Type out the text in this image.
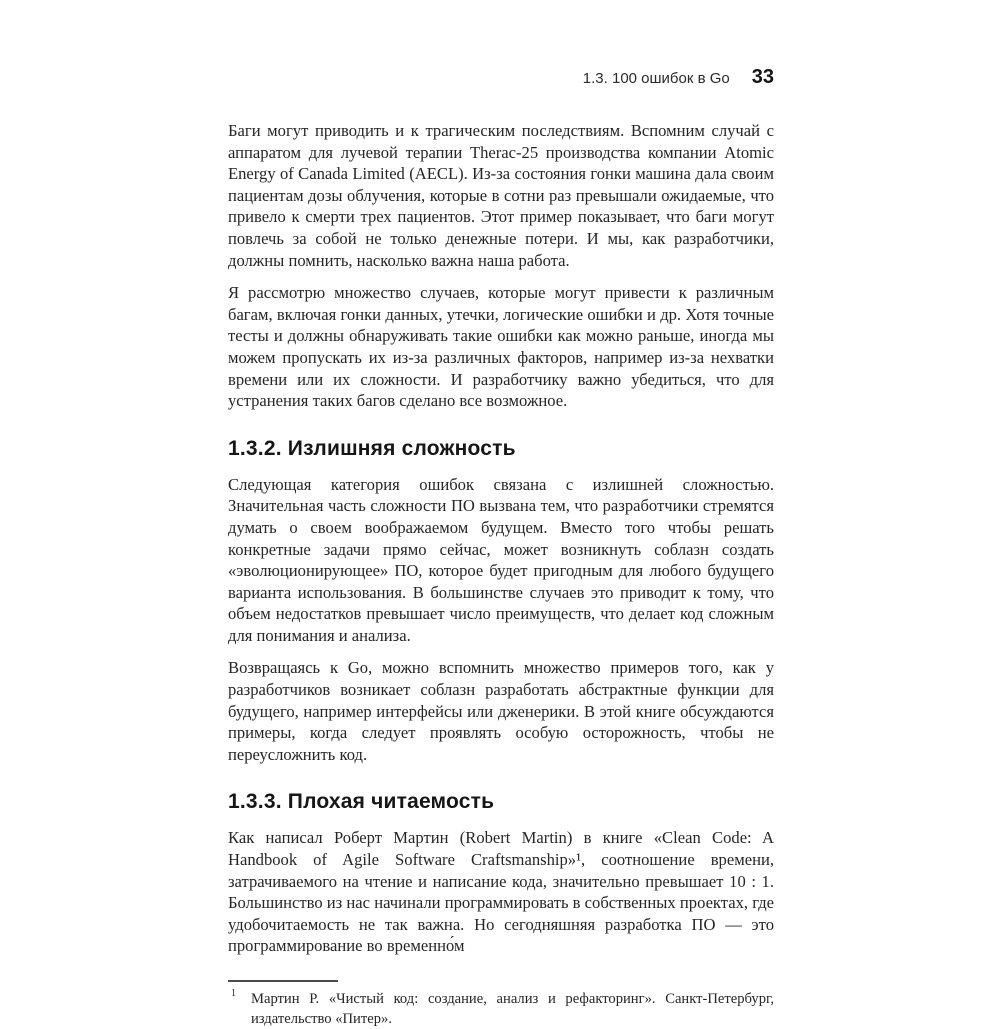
1.3. 100 ошибок в Go 33

Баги могут приводить и к трагическим последствиям. Вспомним случай с аппаратом для лучевой терапии Therac-25 производства компании Atomic Energy of Canada Limited (AECL). Из-за состояния гонки машина дала своим пациентам дозы облучения, которые в сотни раз превышали ожидаемые, что привело к смерти трех пациентов. Этот пример показывает, что баги могут повлечь за собой не только денежные потери. И мы, как разработчики, должны помнить, насколько важна наша работа.

Я рассмотрю множество случаев, которые могут привести к различным багам, включая гонки данных, утечки, логические ошибки и др. Хотя точные тесты и должны обнаруживать такие ошибки как можно раньше, иногда мы можем пропускать их из-за различных факторов, например из-за нехватки времени или их сложности. И разработчику важно убедиться, что для устранения таких багов сделано все возможное.

1.3.2. Излишняя сложность

Следующая категория ошибок связана с излишней сложностью. Значительная часть сложности ПО вызвана тем, что разработчики стремятся думать о своем воображаемом будущем. Вместо того чтобы решать конкретные задачи прямо сейчас, может возникнуть соблазн создать «эволюционирующее» ПО, которое будет пригодным для любого будущего варианта использования. В большинстве случаев это приводит к тому, что объем недостатков превышает число преимуществ, что делает код сложным для понимания и анализа.

Возвращаясь к Go, можно вспомнить множество примеров того, как у разработчиков возникает соблазн разработать абстрактные функции для будущего, например интерфейсы или дженерики. В этой книге обсуждаются примеры, когда следует проявлять особую осторожность, чтобы не переусложнить код.

1.3.3. Плохая читаемость

Как написал Роберт Мартин (Robert Martin) в книге «Clean Code: A Handbook of Agile Software Craftsmanship»¹, соотношение времени, затрачиваемого на чтение и написание кода, значительно превышает 10 : 1. Большинство из нас начинали программировать в собственных проектах, где удобочитаемость не так важна. Но сегодняшняя разработка ПО — это программирование во временно́м

1 Мартин Р. «Чистый код: создание, анализ и рефакторинг». Санкт-Петербург, издательство «Питер».
